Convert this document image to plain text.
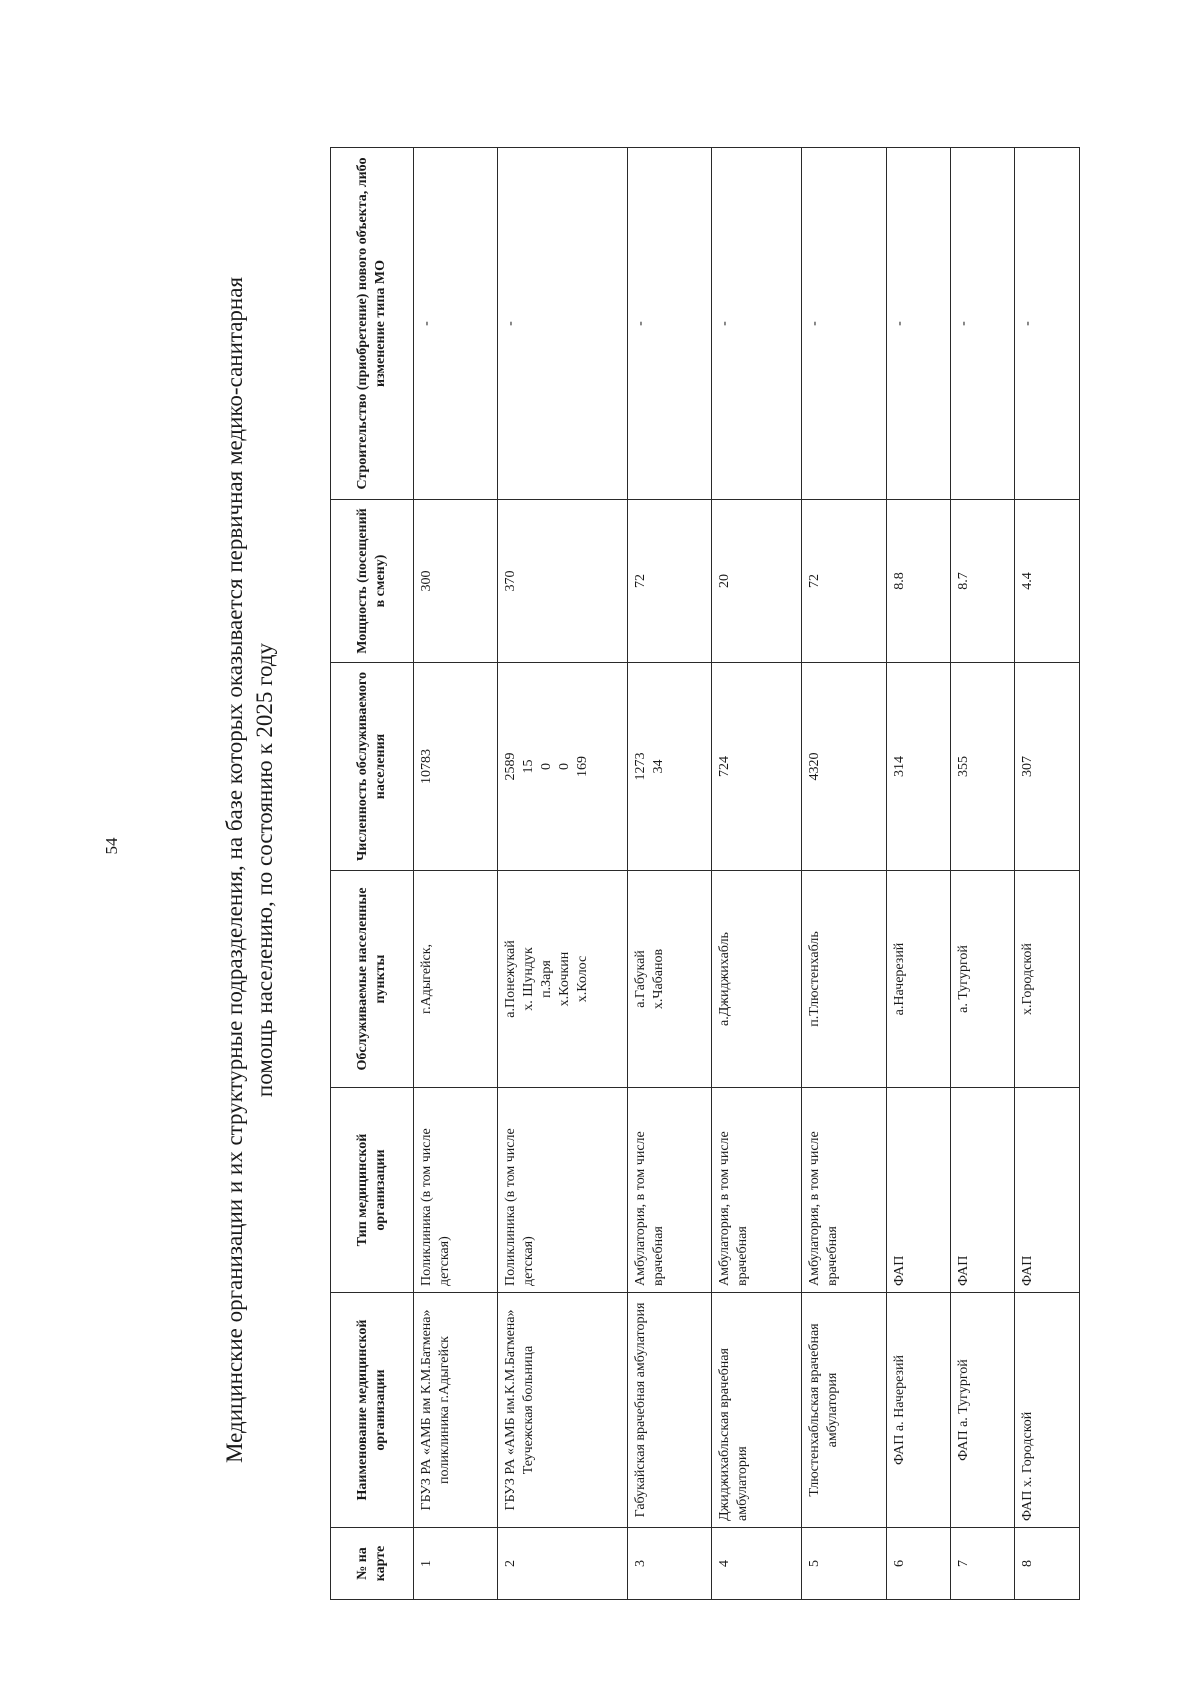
54	Медицинские организации и их структурные подразделения, на базе которых оказывается первичная медико-санитарная помощь населению, по состоянию к 2025 году
№ на карте	Наименование медицинской организации	Тип медицинской организации	Обслуживаемые населенные пункты	Численность обслуживаемого населения	Мощность (посещений в смену)	Строительство (приобретение) нового объекта, либо изменение типа МО
1	ГБУЗ РА «АМБ им К.М.Батмена» поликлиника г.Адыгейск	Поликлиника (в том числе детская)	г.Адыгейск,	10783	300	-
2	ГБУЗ РА «АМБ им.К.М.Батмена» Теучежская больница	Поликлиника (в том числе детская)	а.Понежукай х. Шундук п.Заря х.Кочкин х.Колос	2589 15 0 0 169	370	-
3	Габукайская врачебная амбулатория	Амбулатория, в том числе врачебная	а.Габукай х.Чабанов	1273 34	72	-
4	Джиджихабльская врачебная амбулатория	Амбулатория, в том числе врачебная	а.Джиджихабль	724	20	-
5	Тлюстенхабльская врачебная амбулатория	Амбулатория, в том числе врачебная	п.Тлюстенхабль	4320	72	-
6	ФАП а. Начерезий	ФАП	а.Начерезий	314	8.8	-
7	ФАП а. Тугургой	ФАП	а. Тугургой	355	8.7	-
8	ФАП х. Городской	ФАП	х.Городской	307	4.4	-
